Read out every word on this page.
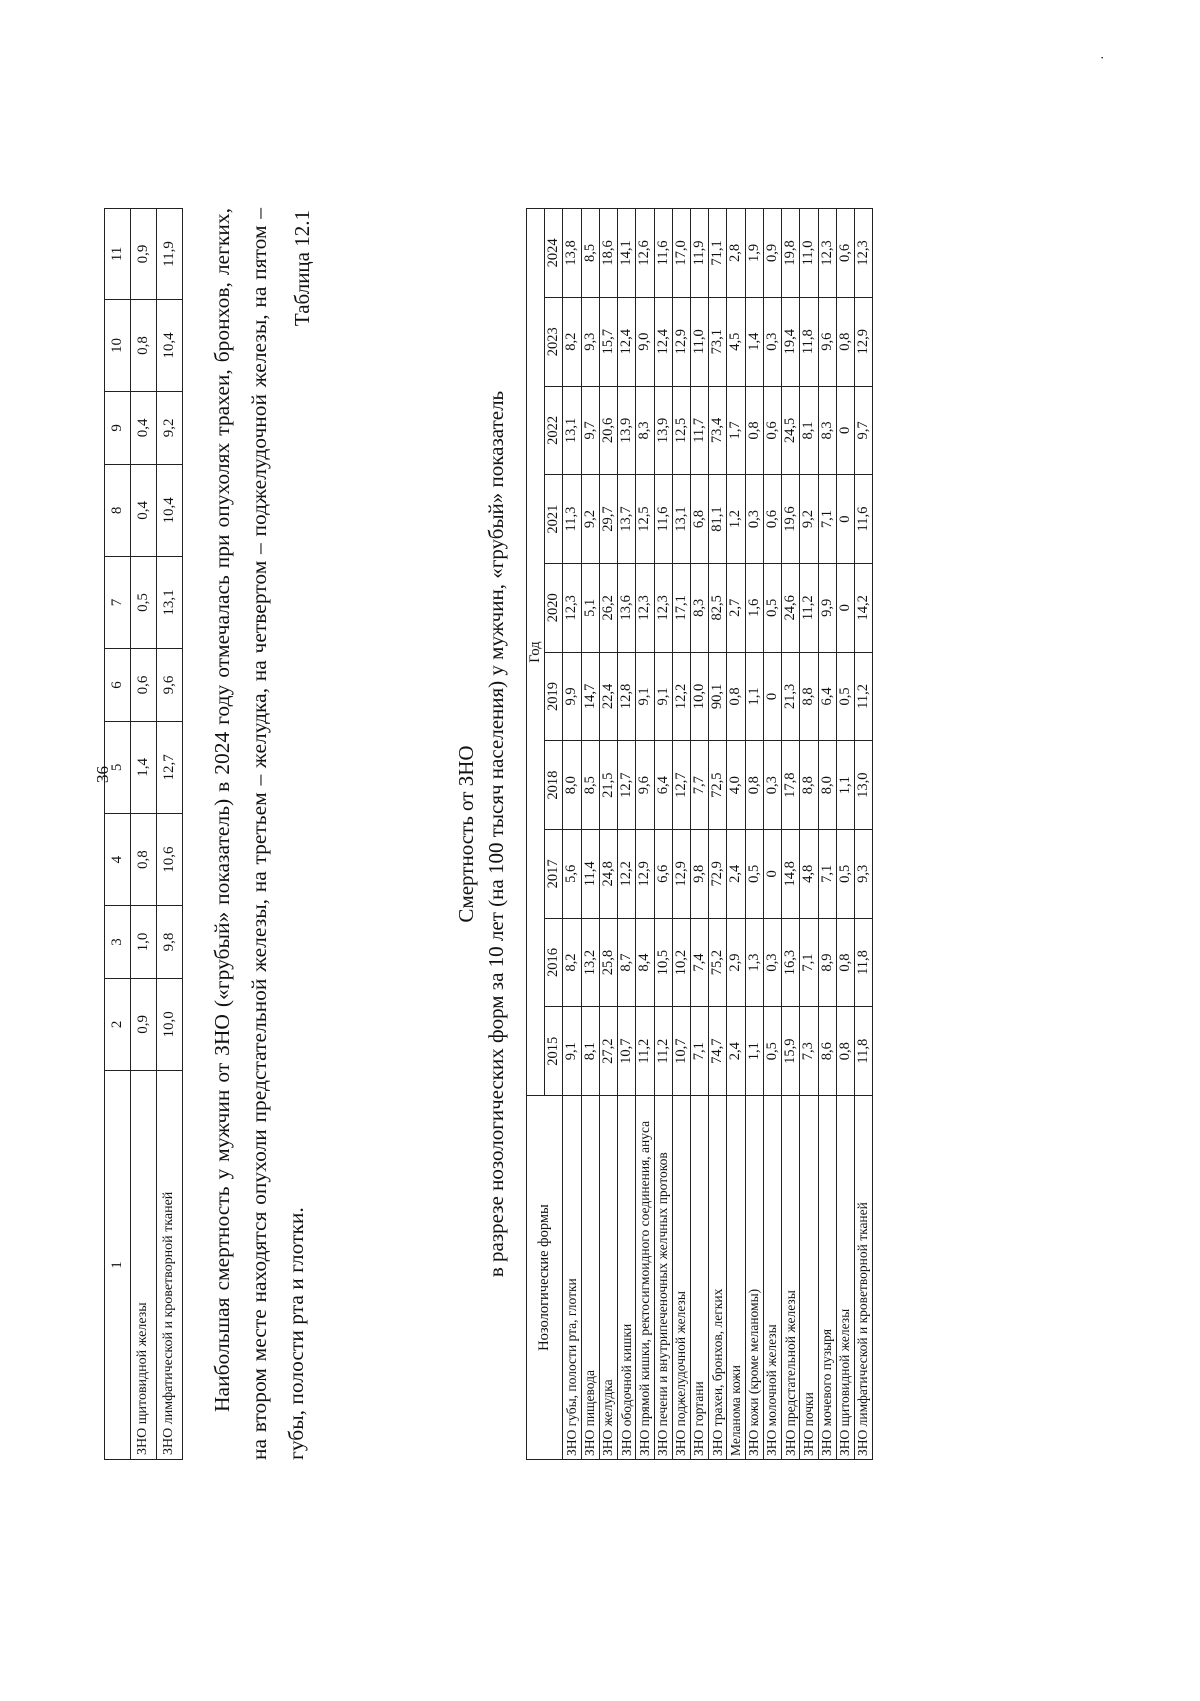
1	2	3	4	5	6	7	8	9	10	11
ЗНО щитовидной железы	0,9	1,0	0,8	1,4	0,6	0,5	0,4	0,4	0,8	0,9
ЗНО лимфатической и кроветворной тканей	10,0	9,8	10,6	12,7	9,6	13,1	10,4	9,2	10,4	11,9 Наибольшая смертность у мужчин от ЗНО («грубый» показатель) в 2024 году отмечалась при опухолях трахеи, бронхов, легких, на втором месте находятся опухоли предстательной железы, на третьем – желудка, на четвертом – поджелудочной железы, на пятом – губы, полости рта и глотки.

Таблица 12.1
Смертность от ЗНО в разрезе нозологических форм за 10 лет (на 100 тысяч населения) у мужчин, «грубый» показатель
Нозологические формы	Год									
	2015	2016	2017	2018	2019	2020	2021	2022	2023	2024
ЗНО губы, полости рта, глотки	9,1	8,2	5,6	8,0	9,9	12,3	11,3	13,1	8,2	13,8
ЗНО пищевода	8,1	13,2	11,4	8,5	14,7	5,1	9,2	9,7	9,3	8,5
ЗНО желудка	27,2	25,8	24,8	21,5	22,4	26,2	29,7	20,6	15,7	18,6
ЗНО ободочной кишки	10,7	8,7	12,2	12,7	12,8	13,6	13,7	13,9	12,4	14,1
ЗНО прямой кишки, ректосигмоидного соединения, ануса	11,2	8,4	12,9	9,6	9,1	12,3	12,5	8,3	9,0	12,6
ЗНО печени и внутрипеченочных желчных протоков	11,2	10,5	6,6	6,4	9,1	12,3	11,6	13,9	12,4	11,6
ЗНО поджелудочной железы	10,7	10,2	12,9	12,7	12,2	17,1	13,1	12,5	12,9	17,0
ЗНО гортани	7,1	7,4	9,8	7,7	10,0	8,3	6,8	11,7	11,0	11,9
ЗНО трахеи, бронхов, легких	74,7	75,2	72,9	72,5	90,1	82,5	81,1	73,4	73,1	71,1
Меланома кожи	2,4	2,9	2,4	4,0	0,8	2,7	1,2	1,7	4,5	2,8
ЗНО кожи (кроме меланомы)	1,1	1,3	0,5	0,8	1,1	1,6	0,3	0,8	1,4	1,9
ЗНО молочной железы	0,5	0,3	0	0,3	0	0,5	0,6	0,6	0,3	0,9
ЗНО предстательной железы	15,9	16,3	14,8	17,8	21,3	24,6	19,6	24,5	19,4	19,8
ЗНО почки	7,3	7,1	4,8	8,8	8,8	11,2	9,2	8,1	11,8	11,0
ЗНО мочевого пузыря	8,6	8,9	7,1	8,0	6,4	9,9	7,1	8,3	9,6	12,3
ЗНО щитовидной железы	0,8	0,8	0,5	1,1	0,5	0	0	0	0,8	0,6
ЗНО лимфатической и кроветворной тканей	11,8	11,8	9,3	13,0	11,2	14,2	11,6	9,7	12,9	12,3
·
36
